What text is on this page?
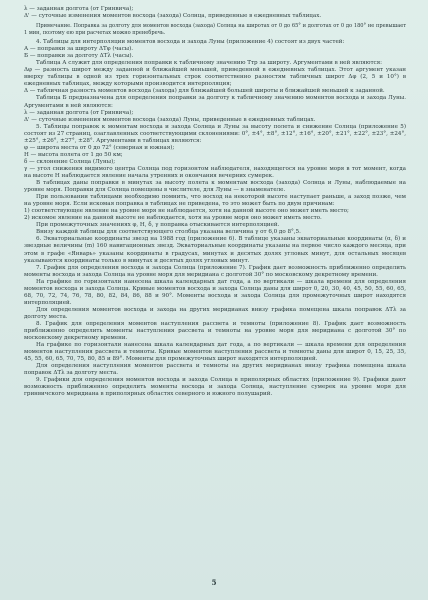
λ — заданная долгота (от Гринвича);
Δ' — суточные изменения моментов восхода (захода) Солнца, приведенные в ежедневных таблицах.
Примечание. Поправка за долготу для моментов восхода (захода) Солнца на широтах от 0 до 65° и долготах от 0 до 180° не превышает 1 мин, поэтому ею при расчетах можно пренебречь.
4. Таблицы для интерполяции моментов восхода и захода Луны (приложение 4) состоят из двух частей:
А — поправки за широту ΔTφ (часы).
Б — поправки за долготу ΔTλ (часы).
Таблица А служит для определения поправки к табличному значению Tтр за широту. Аргументами в ней являются:
Δφ — разность широт между заданной и ближайшей меньшей, приведенной в ежедневных таблицах. Этот аргумент указан вверху таблицы в одной из трех горизонтальных строк соответственно разностям табличных широт Δφ (2, 5 и 10°) в ежедневных таблицах, между которыми производится интерполяция;
Δ — табличная разность моментов восхода (захода) для ближайшей большей широты и ближайшей меньшей к заданной.
Таблица Б предназначена для определения поправки за долготу к табличному значению моментов восхода и захода Луны. Аргументами в ней являются:
λ — заданная долгота (от Гринвича);
Δ' — суточные изменения моментов восхода (захода) Луны, приведенные в ежедневных таблицах.
5. Таблицы поправок к моментам восхода и захода Солнца и Луны за высоту полета и снижение Солнца (приложение 5) состоят из 27 страниц, озаглавленных соответствующими склонениями: 0°, ±4°, ±8°, ±12°, ±16°, ±20°, ±21°, ±22°, ±23°, ±24°, ±25°, ±26°, ±27°, ±28°. Аргументами в таблицах являются:
φ — широта места от 0 до 72° (северная и южная);
H — высота полета от 1 до 50 км;
δ — склонение Солнца (Луны);
γ — угол снижения видимого центра Солнца под горизонтом наблюдателя, находящегося на уровне моря в тот момент, когда на высоте H наблюдается явление начала утренних и окончания вечерних сумерек.
В таблицах даны поправки в минутах за высоту полета к моментам восхода (захода) Солнца и Луны, наблюдаемые на уровне моря. Поправки для Солнца помещены в числителе, для Луны — в знаменателе.
При пользовании таблицами необходимо помнить, что восход на некоторой высоте наступает раньше, а заход позже, чем на уровне моря. Если искомая поправка в таблицах не приведена, то это может быть по двум причинам:
1) соответствующее явление на уровне моря не наблюдается, хотя на данной высоте оно может иметь место;
2) искомое явление на данной высоте не наблюдается, хотя на уровне моря оно может иметь место.
При промежуточных значениях φ, H, δ, γ поправка отыскивается интерполяцией.
Внизу каждой таблицы для соответствующего столбца указана величина γ от 6,0 до 8°,5.
6. Экваториальные координаты звезд на 1988 год (приложение 6). В таблице указаны экваториальные координаты (α, δ) и звездные величины (m) 160 навигационных звезд. Экваториальные координаты указаны на первое число каждого месяца, при этом в графе «Январь» указаны координаты в градусах, минутах и десятых долях угловых минут, для остальных месяцев указываются координаты только в минутах и десятых долях угловых минут.
7. График для определения восхода и захода Солнца (приложение 7). График дает возможность приближенно определить моменты восхода и захода Солнца на уровне моря для меридиана с долготой 30° по московскому декретному времени.
На графике по горизонтали нанесена шкала календарных дат года, а по вертикали — шкала времени для определения моментов восхода и захода Солнца. Кривые моментов восхода и захода Солнца даны для широт 0, 20, 30, 40, 45, 50, 55, 60, 65, 68, 70, 72, 74, 76, 78, 80, 82, 84, 86, 88 и 90°. Моменты восхода и захода Солнца для промежуточных широт находятся интерполяцией.
Для определения моментов восхода и захода на других меридианах внизу графика помещена шкала поправок ΔTλ за долготу места.
8. График для определения моментов наступления рассвета и темноты (приложение 8). График дает возможность приближенно определить моменты наступления рассвета и темноты на уровне моря для меридиана с долготой 30° по московскому декретному времени.
На графике по горизонтали нанесена шкала календарных дат года, а по вертикали — шкала времени для определения моментов наступления рассвета и темноты. Кривые моментов наступления рассвета и темноты даны для широт 0, 15, 25, 35, 45, 55, 60, 65, 70, 75, 80, 85 и 89°. Моменты для промежуточных широт находятся интерполяцией.
Для определения наступления моментов рассвета и темноты на других меридианах внизу графика помещена шкала поправок ΔTλ за долготу места.
9. Графики для определения моментов восхода и захода Солнца в приполярных областях (приложение 9). Графики дают возможность приближенно определить моменты восхода и захода Солнца, наступление сумерек на уровне моря для гринвичского меридиана в приполярных областях северного и южного полушарий.
5
